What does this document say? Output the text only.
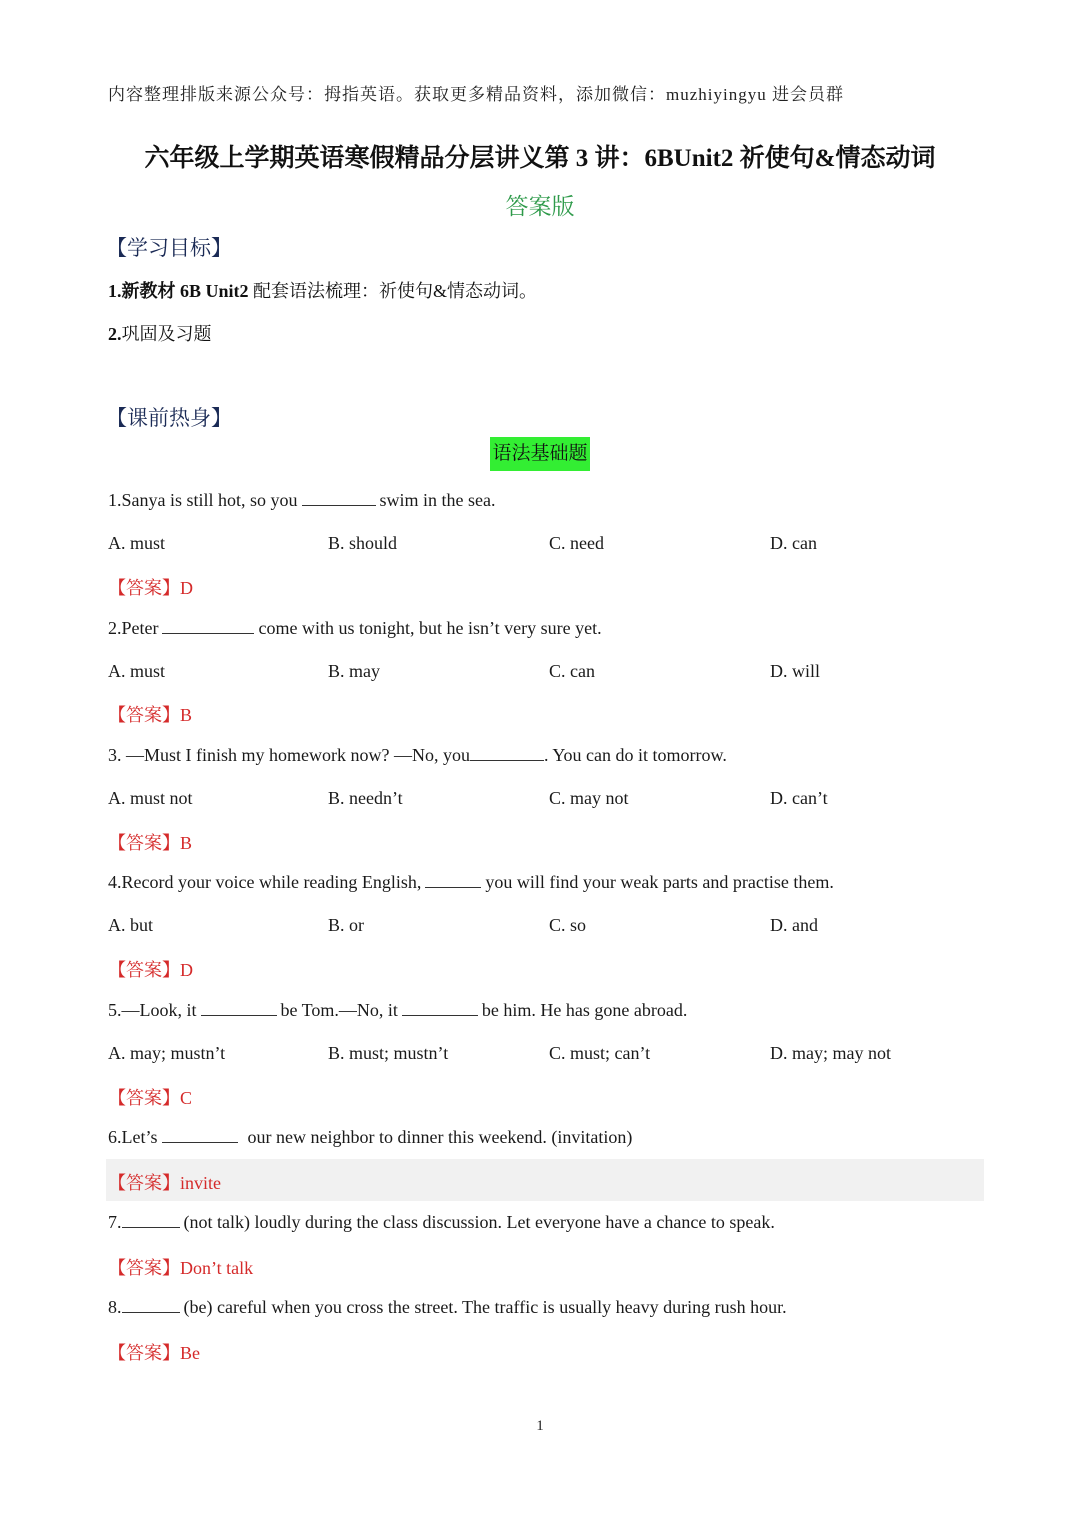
内容整理排版来源公众号：拇指英语。获取更多精品资料，添加微信：muzhiyingyu 进会员群
六年级上学期英语寒假精品分层讲义第 3 讲：6BUnit2 祈使句&情态动词
答案版
【学习目标】
1.新教材 6B Unit2 配套语法梳理：祈使句&情态动词。
2.巩固及习题
【课前热身】
语法基础题
1.Sanya is still hot, so you	swim in the sea.
A. must	B. should	C. need	D. can
【答案】D
2.Peter	come with us tonight, but he isn’t very sure yet.
A. must	B. may	C. can	D. will
【答案】B
3. —Must I finish my homework now? —No, you	. You can do it tomorrow.
A. must not	B. needn’t	C. may not	D. can’t
【答案】B
4.Record your voice while reading English,	you will find your weak parts and practise them.
A. but	B. or	C. so	D. and
【答案】D
5.—Look, it	be Tom.—No, it	be him. He has gone abroad.
A. may; mustn’t	B. must; mustn’t	C. must; can’t	D. may; may not
【答案】C
6.Let’s	our new neighbor to dinner this weekend. (invitation)
【答案】invite
7.	(not talk) loudly during the class discussion. Let everyone have a chance to speak.
【答案】Don’t talk
8.	(be) careful when you cross the street. The traffic is usually heavy during rush hour.
【答案】Be
1
